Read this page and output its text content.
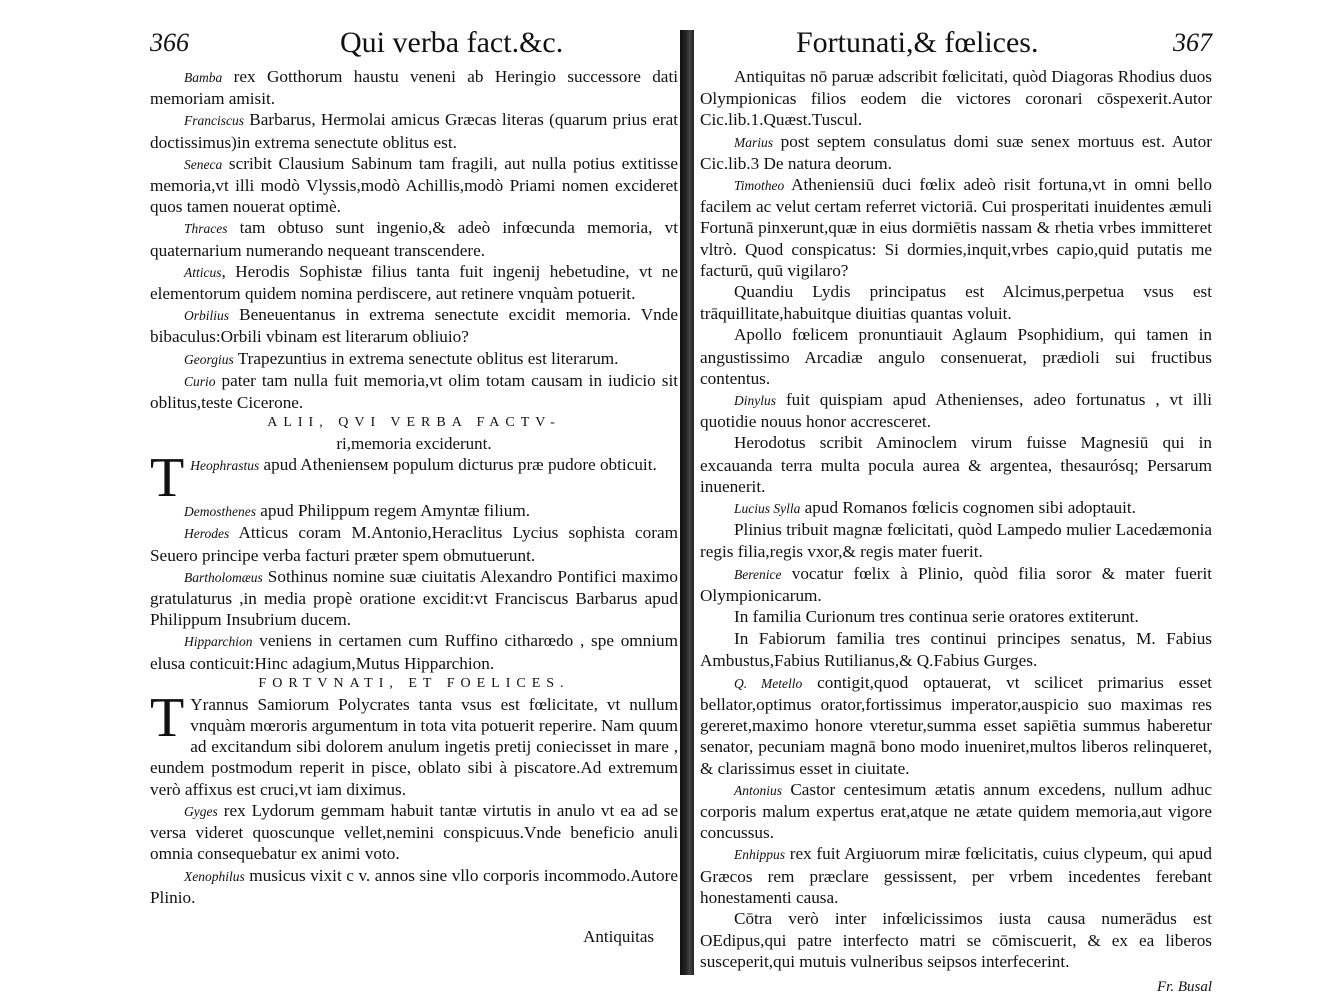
366	Qui verba fact.&c.

Bamba rex Gotthorum haustu veneni ab Heringio successore dati memoriam amisit.

Franciscus Barbarus, Hermolai amicus Græcas literas (quarum prius erat doctissimus)in extrema senectute oblitus est.

Seneca scribit Clausium Sabinum tam fragili, aut nulla potius extitisse memoria,vt illi modò Vlyssis,modò Achillis,modò Priami nomen excideret quos tamen nouerat optimè.

Thraces tam obtuso sunt ingenio,& adeò infœcunda memoria, vt quaternarium numerando nequeant transcendere.

Atticus, Herodis Sophistæ filius tanta fuit ingenij hebetudine, vt ne elementorum quidem nomina perdiscere, aut retinere vnquàm potuerit.

Orbilius Beneuentanus in extrema senectute excidit memoria. Vnde bibaculus:Orbili vbinam est literarum obliuio?

Georgius Trapezuntius in extrema senectute oblitus est literarum.

Curio pater tam nulla fuit memoria,vt olim totam causam in iudicio sit oblitus,teste Cicerone.

ALII, QVI VERBA FACTV-
ri,memoria exciderunt.

T Heophrastus apud Athenienseм populum dicturus præ pudore obticuit.

Demosthenes apud Philippum regem Amyntæ filium.

Herodes Atticus coram M.Antonio,Heraclitus Lycius sophista coram Seuero principe verba facturi præter spem obmutuerunt.

Bartholomæus Sothinus nomine suæ ciuitatis Alexandro Pontifici maximo gratulaturus ,in media propè oratione excidit:vt Franciscus Barbarus apud Philippum Insubrium ducem.

Hipparchion veniens in certamen cum Ruffino citharœdo , spe omnium elusa conticuit:Hinc adagium,Mutus Hipparchion.

FORTVNATI, ET FOELICES.

T Yrannus Samiorum Polycrates tanta vsus est fœlicitate, vt nullum vnquàm mœroris argumentum in tota vita potuerit reperire. Nam quum ad excitandum sibi dolorem anulum ingetis pretij coniecisset in mare , eundem postmodum reperit in pisce, oblato sibi à piscatore.Ad extremum verò affixus est cruci,vt iam diximus.

Gyges rex Lydorum gemmam habuit tantæ virtutis in anulo vt ea ad se versa videret quoscunque vellet,nemini conspicuus.Vnde beneficio anuli omnia consequebatur ex animi voto.

Xenophilus musicus vixit c v. annos sine vllo corporis incommodo.Autore Plinio.

Antiquitas
Fortunati,& fœlices.	367

Antiquitas nō paruæ adscribit fœlicitati, quòd Diagoras Rhodius duos Olympionicas filios eodem die victores coronari cōspexerit.Autor Cic.lib.1.Quæst.Tuscul.

Marius post septem consulatus domi suæ senex mortuus est. Autor Cic.lib.3 De natura deorum.

Timotheo Atheniensiū duci fœlix adeò risit fortuna,vt in omni bello facilem ac velut certam referret victoriā. Cui prosperitati inuidentes æmuli Fortunā pinxerunt,quæ in eius dormiētis nassam & rhetia vrbes immitteret vltrò. Quod conspicatus: Si dormies,inquit,vrbes capio,quid putatis me facturū, quū vigilaro?

Quandiu Lydis principatus est Alcimus,perpetua vsus est trāquillitate,habuitque diuitias quantas voluit.

Apollo fœlicem pronuntiauit Aglaum Psophidium, qui tamen in angustissimo Arcadiæ angulo consenuerat, prædioli sui fructibus contentus.

Dinylus fuit quispiam apud Athenienses, adeo fortunatus , vt illi quotidie nouus honor accresceret.

Herodotus scribit Aminoclem virum fuisse Magnesiū qui in excauanda terra multa pocula aurea & argentea, thesaurósq; Persarum inuenerit.

Lucius Sylla apud Romanos fœlicis cognomen sibi adoptauit.

Plinius tribuit magnæ fœlicitati, quòd Lampedo mulier Lacedæmonia regis filia,regis vxor,& regis mater fuerit.

Berenice vocatur fœlix à Plinio, quòd filia soror & mater fuerit Olympionicarum.

In familia Curionum tres continua serie oratores extiterunt.

In Fabiorum familia tres continui principes senatus, M. Fabius Ambustus,Fabius Rutilianus,& Q.Fabius Gurges.

Q. Metello contigit,quod optauerat, vt scilicet primarius esset bellator,optimus orator,fortissimus imperator,auspicio suo maximas res gereret,maximo honore vteretur,summa esset sapiētia summus haberetur senator, pecuniam magnā bono modo inueniret,multos liberos relinqueret, & clarissimus esset in ciuitate.

Antonius Castor centesimum ætatis annum excedens, nullum adhuc corporis malum expertus erat,atque ne ætate quidem memoria,aut vigore concussus.

Enhippus rex fuit Argiuorum miræ fœlicitatis, cuius clypeum, qui apud Græcos rem præclare gessissent, per vrbem incedentes ferebant honestamenti causa.

Cōtra verò inter infœlicissimos iusta causa numerādus est OEdipus,qui patre interfecto matri se cōmiscuerit, & ex ea liberos susceperit,qui mutuis vulneribus seipsos interfecerint.

Fr. Busal
